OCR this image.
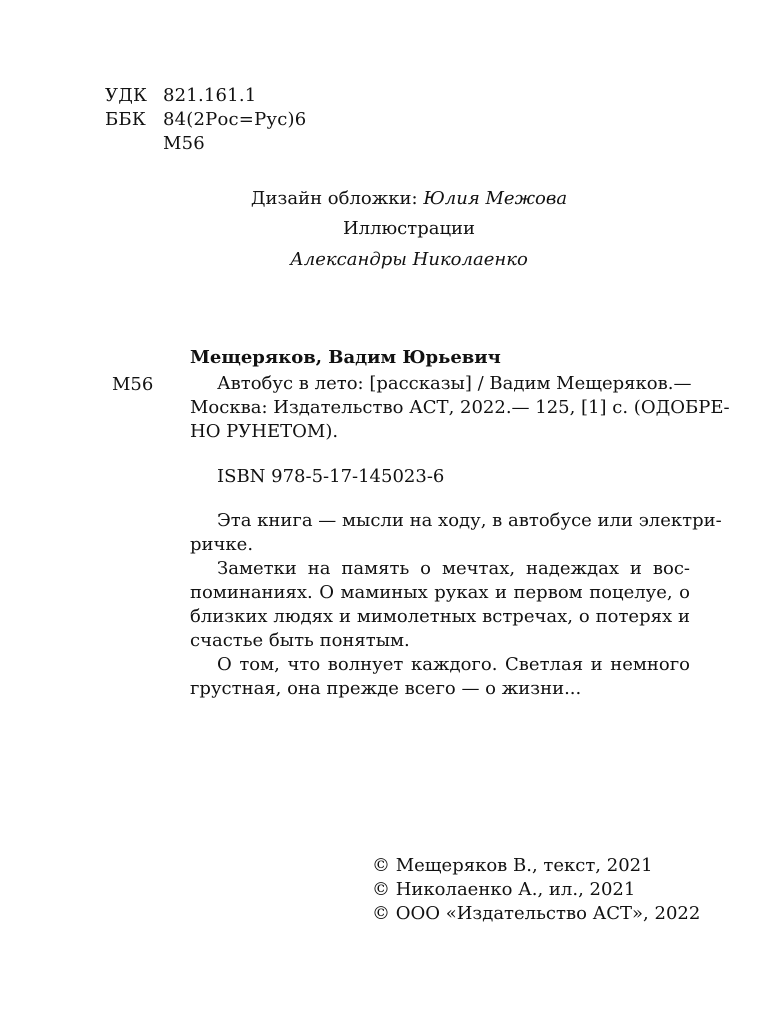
УДК 821.161.1
ББК 84(2Рос=Рус)6
М56
Дизайн обложки: Юлия Межова
Иллюстрации
Александры Николаенко
Мещеряков, Вадим Юрьевич
М56	Автобус в лето: [рассказы] / Вадим Мещеряков.—
Москва: Издательство АСТ, 2022.— 125, [1] с. (ОДОБРЕ-
НО РУНЕТОМ).
ISBN 978-5-17-145023-6
Эта книга — мысли на ходу, в автобусе или электри-
ричке.
Заметки на память о мечтах, надеждах и вос-
поминаниях. О маминых руках и первом поцелуе, о
близких людях и мимолетных встречах, о потерях и
счастье быть понятым.
О том, что волнует каждого. Светлая и немного
грустная, она прежде всего — о жизни...
© Мещеряков В., текст, 2021
© Николаенко А., ил., 2021
© ООО «Издательство АСТ», 2022
